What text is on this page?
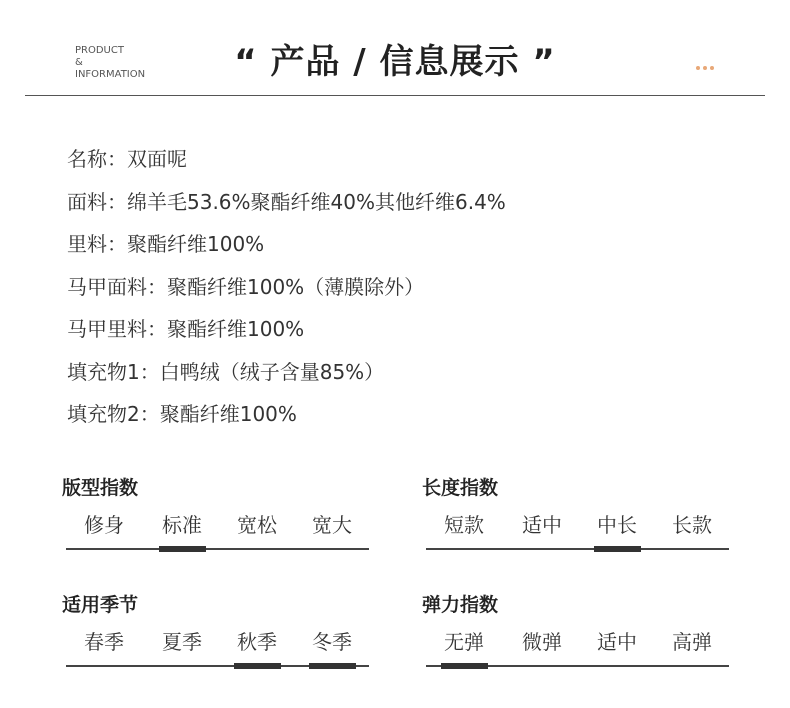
PRODUCT
&
INFORMATION	“ 产品 / 信息展示 ”
名称：双面呢
面料：绵羊毛53.6%聚酯纤维40%其他纤维6.4%
里料：聚酯纤维100%
马甲面料：聚酯纤维100%（薄膜除外）
马甲里料：聚酯纤维100%
填充物1：白鸭绒（绒子含量85%）
填充物2：聚酯纤维100%
版型指数
修身	标准	宽松	宽大
长度指数
短款	适中	中长	长款
适用季节
春季	夏季	秋季	冬季
弹力指数
无弹	微弹	适中	高弹
